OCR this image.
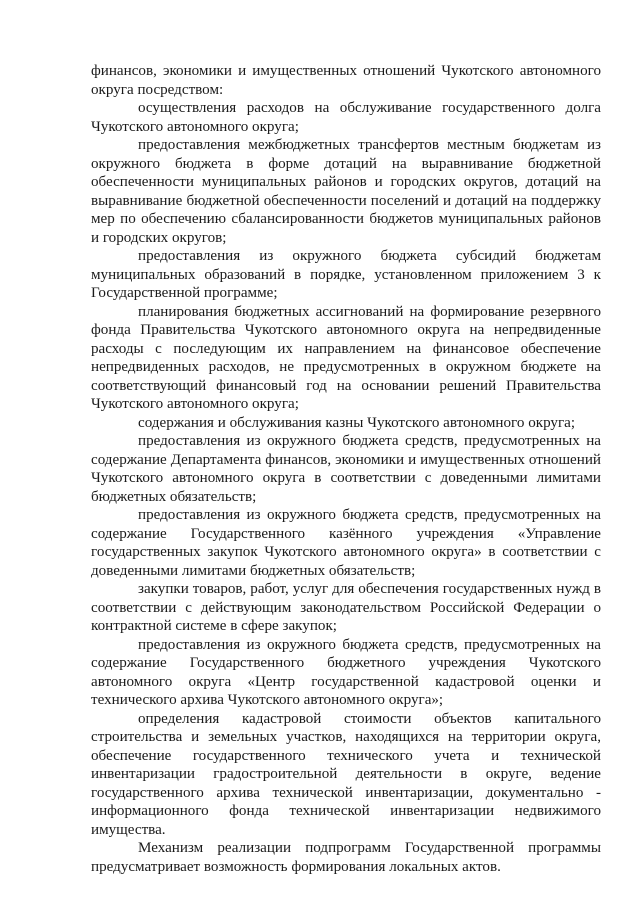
финансов, экономики и имущественных отношений Чукотского автономного округа посредством:

осуществления расходов на обслуживание государственного долга Чукотского автономного округа;

предоставления межбюджетных трансфертов местным бюджетам из окружного бюджета в форме дотаций на выравнивание бюджетной обеспеченности муниципальных районов и городских округов, дотаций на выравнивание бюджетной обеспеченности поселений и дотаций на поддержку мер по обеспечению сбалансированности бюджетов муниципальных районов и городских округов;

предоставления из окружного бюджета субсидий бюджетам муниципальных образований в порядке, установленном приложением 3 к Государственной программе;

планирования бюджетных ассигнований на формирование резервного фонда Правительства Чукотского автономного округа на непредвиденные расходы с последующим их направлением на финансовое обеспечение непредвиденных расходов, не предусмотренных в окружном бюджете на соответствующий финансовый год на основании решений Правительства Чукотского автономного округа;

содержания и обслуживания казны Чукотского автономного округа;

предоставления из окружного бюджета средств, предусмотренных на содержание Департамента финансов, экономики и имущественных отношений Чукотского автономного округа в соответствии с доведенными лимитами бюджетных обязательств;

предоставления из окружного бюджета средств, предусмотренных на содержание Государственного казённого учреждения «Управление государственных закупок Чукотского автономного округа» в соответствии с доведенными лимитами бюджетных обязательств;

закупки товаров, работ, услуг для обеспечения государственных нужд в соответствии с действующим законодательством Российской Федерации о контрактной системе в сфере закупок;

предоставления из окружного бюджета средств, предусмотренных на содержание Государственного бюджетного учреждения Чукотского автономного округа «Центр государственной кадастровой оценки и технического архива Чукотского автономного округа»;

определения кадастровой стоимости объектов капитального строительства и земельных участков, находящихся на территории округа, обеспечение государственного технического учета и технической инвентаризации градостроительной деятельности в округе, ведение государственного архива технической инвентаризации, документально - информационного фонда технической инвентаризации недвижимого имущества.

Механизм реализации подпрограмм Государственной программы предусматривает возможность формирования локальных актов.
